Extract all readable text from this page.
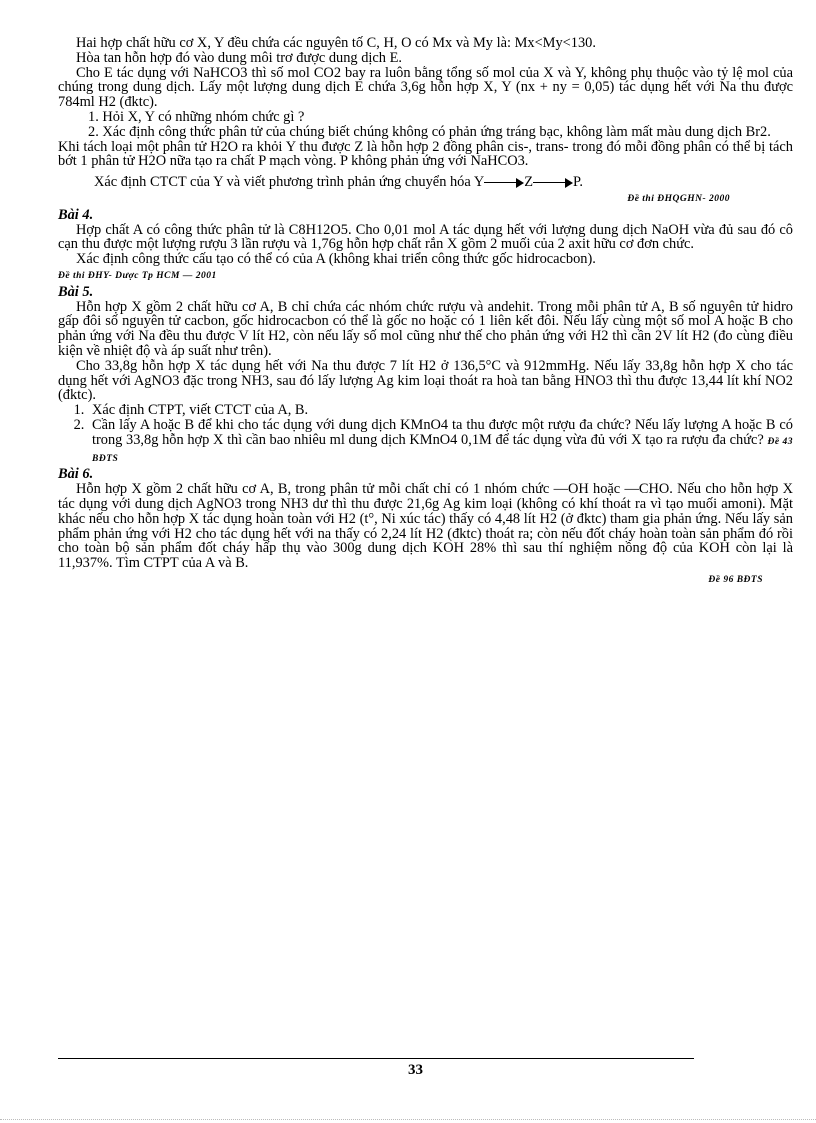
Hai hợp chất hữu cơ X, Y đều chứa các nguyên tố C, H, O có Mx và My là: Mx<My<130.

Hòa tan hỗn hợp đó vào dung môi trơ được dung dịch E.

Cho E tác dụng với NaHCO3 thì số mol CO2 bay ra luôn bằng tổng số mol của X và Y, không phụ thuộc vào tỷ lệ mol của chúng trong dung dịch. Lấy một lượng dung dịch E chứa 3,6g hỗn hợp X, Y (nx + ny = 0,05) tác dụng hết với Na thu được 784ml H2 (đktc).

1. Hỏi X, Y có những nhóm chức gì ?

2. Xác định công thức phân tử của chúng biết chúng không có phản ứng tráng bạc, không làm mất màu dung dịch Br2.

Khi tách loại một phân tử H2O ra khỏi Y thu được Z là hỗn hợp 2 đồng phân cis-, trans- trong đó mỗi đồng phân có thể bị tách bớt 1 phân tử H2O nữa tạo ra chất P mạch vòng. P không phản ứng với NaHCO3.

Xác định CTCT của Y và viết phương trình phản ứng chuyển hóa Y	Z	P.

Đề thi ĐHQGHN- 2000

Bài 4.

Hợp chất A có công thức phân tử là C8H12O5. Cho 0,01 mol A tác dụng hết với lượng dung dịch NaOH vừa đủ sau đó cô cạn thu được một lượng rượu 3 lần rượu và 1,76g hỗn hợp chất rắn X gồm 2 muối của 2 axit hữu cơ đơn chức.

Xác định công thức cấu tạo có thể có của A (không khai triển công thức gốc hidrocacbon).

Đề thi ĐHY- Dược Tp HCM — 2001

Bài 5.

Hỗn hợp X gồm 2 chất hữu cơ A, B chỉ chứa các nhóm chức rượu và andehit. Trong mỗi phân tử A, B số nguyên tử hidro gấp đôi số nguyên tử cacbon, gốc hidrocacbon có thể là gốc no hoặc có 1 liên kết đôi. Nếu lấy cùng một số mol A hoặc B cho phản ứng với Na đều thu được V lít H2, còn nếu lấy số mol cũng như thế cho phản ứng với H2 thì cần 2V lít H2 (đo cùng điều kiện về nhiệt độ và áp suất như trên).

Cho 33,8g hỗn hợp X tác dụng hết với Na thu được 7 lít H2 ở 136,5°C và 912mmHg. Nếu lấy 33,8g hỗn hợp X cho tác dụng hết với AgNO3 đặc trong NH3, sau đó lấy lượng Ag kim loại thoát ra hoà tan bằng HNO3 thì thu được 13,44 lít khí NO2 (đktc).

1. Xác định CTPT, viết CTCT của A, B.
2. Cần lấy A hoặc B để khi cho tác dụng với dung dịch KMnO4 ta thu được một rượu đa chức? Nếu lấy lượng A hoặc B có trong 33,8g hỗn hợp X thì cần bao nhiêu ml dung dịch KMnO4 0,1M để tác dụng vừa đủ với X tạo ra rượu đa chức? Đề 43 BĐTS

Bài 6.

Hỗn hợp X gồm 2 chất hữu cơ A, B, trong phân tử mỗi chất chỉ có 1 nhóm chức —OH hoặc —CHO. Nếu cho hỗn hợp X tác dụng với dung dịch AgNO3 trong NH3 dư thì thu được 21,6g Ag kim loại (không có khí thoát ra vì tạo muối amoni). Mặt khác nếu cho hỗn hợp X tác dụng hoàn toàn với H2 (t°, Ni xúc tác) thấy có 4,48 lít H2 (ở đktc) tham gia phản ứng. Nếu lấy sản phẩm phản ứng với H2 cho tác dụng hết với na thấy có 2,24 lít H2 (đktc) thoát ra; còn nếu đốt cháy hoàn toàn sản phẩm đó rồi cho toàn bộ sản phẩm đốt cháy hấp thụ vào 300g dung dịch KOH 28% thì sau thí nghiệm nồng độ của KOH còn lại là 11,937%. Tìm CTPT của A và B.

Đề 96 BĐTS

33
